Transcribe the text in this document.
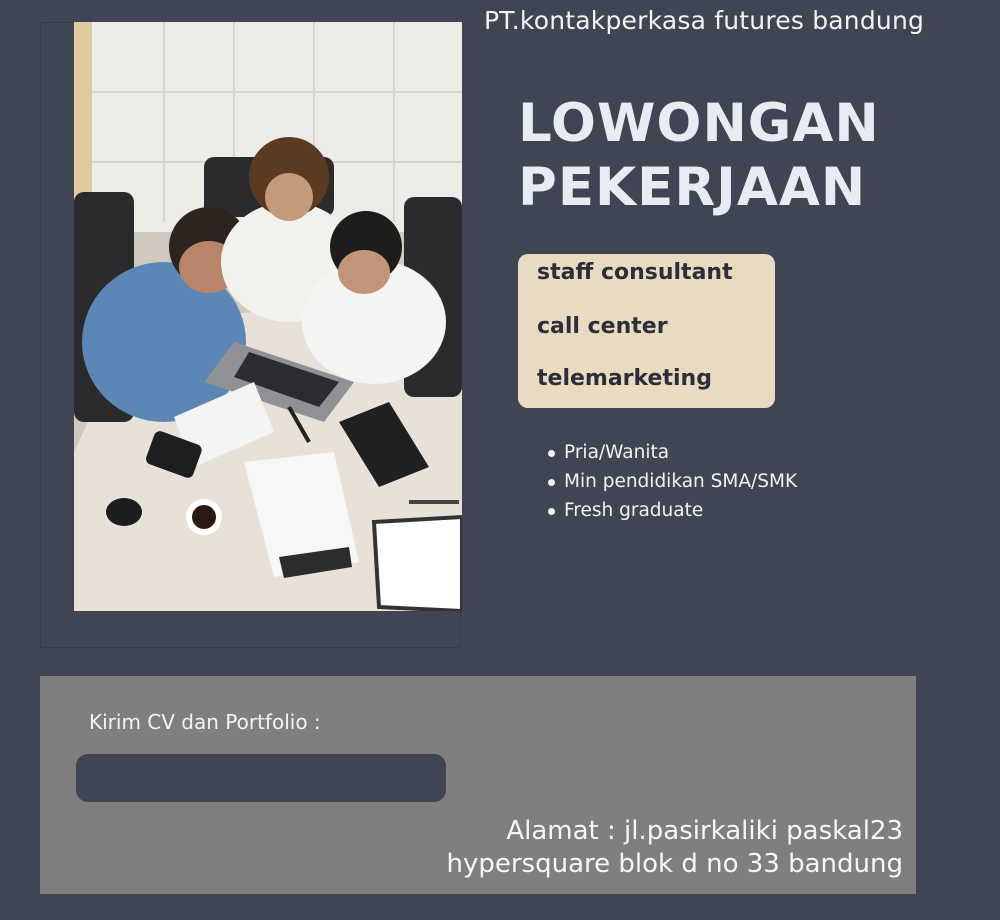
PT.kontakperkasa futures bandung
LOWONGAN
PEKERJAAN
staff consultant
call center
telemarketing
Pria/Wanita
Min pendidikan SMA/SMK
Fresh graduate
Kirim CV dan Portfolio :
Alamat : jl.pasirkaliki paskal23
hypersquare blok d no 33 bandung
